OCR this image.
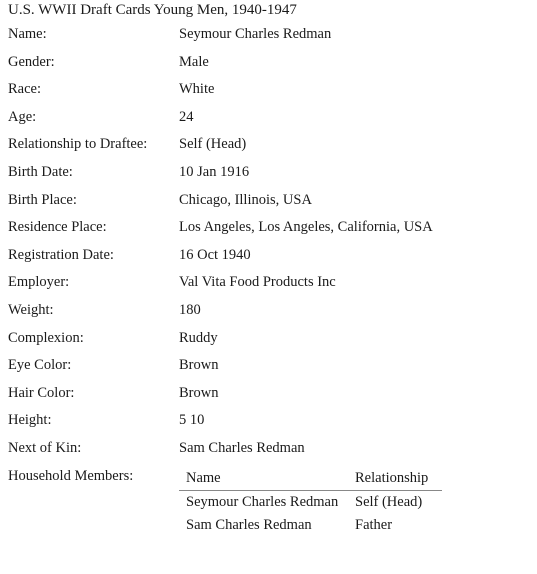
U.S. WWII Draft Cards Young Men, 1940-1947
Name:	Seymour Charles Redman
Gender:	Male
Race:	White
Age:	24
Relationship to Draftee: Self (Head)
Birth Date:	10 Jan 1916
Birth Place:	Chicago, Illinois, USA
Residence Place:	Los Angeles, Los Angeles, California, USA
Registration Date:	16 Oct 1940
Employer:	Val Vita Food Products Inc
Weight:	180
Complexion:	Ruddy
Eye Color:	Brown
Hair Color:	Brown
Height:	5 10
Next of Kin:	Sam Charles Redman
Household Members:	Name	Relationship
Seymour Charles Redman	Self (Head)
Sam Charles Redman	Father
